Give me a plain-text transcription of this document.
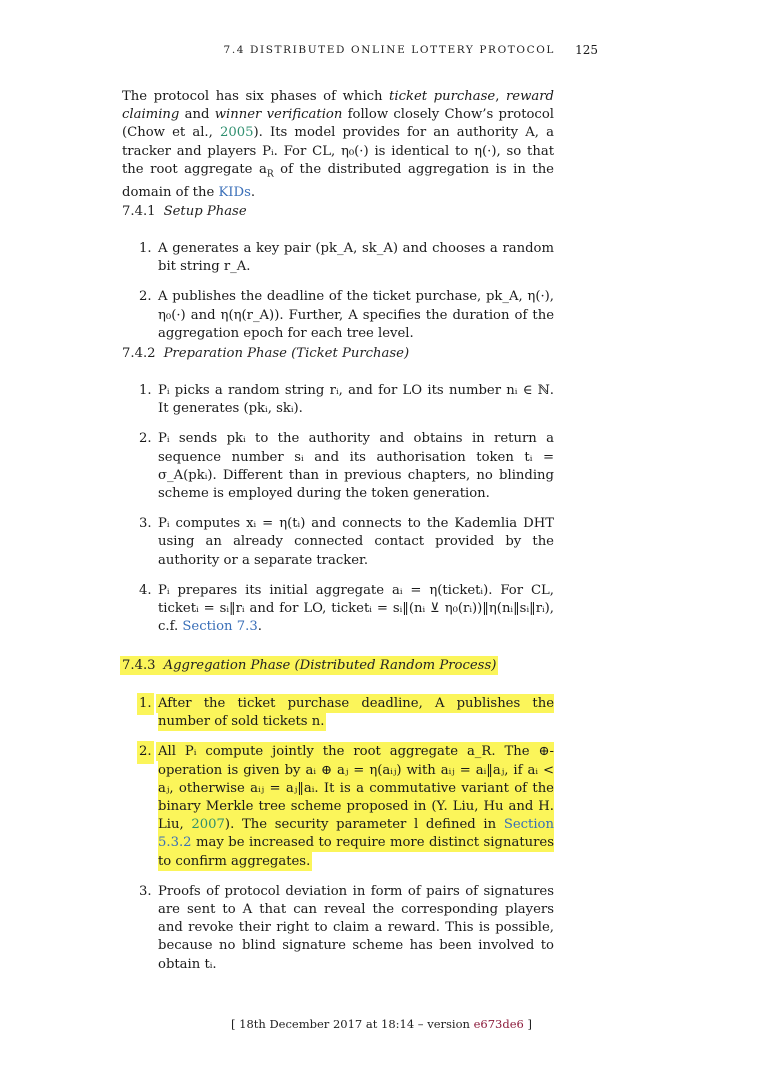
7.4 DISTRIBUTED ONLINE LOTTERY PROTOCOL 125

The protocol has six phases of which ticket purchase, reward claiming and winner verification follow closely Chow’s protocol (Chow et al., 2005). Its model provides for an authority A, a tracker and players Pᵢ. For CL, η₀(·) is identical to η(·), so that the root aggregate $a_R$ of the distributed aggregation is in the domain of the KIDs.

7.4.1 Setup Phase
1. A generates a key pair (pk_A, sk_A) and chooses a random bit string r_A.
2. A publishes the deadline of the ticket purchase, pk_A, η(·), η₀(·) and η(η(r_A)). Further, A specifies the duration of the aggregation epoch for each tree level.
7.4.2 Preparation Phase (Ticket Purchase)
1. Pᵢ picks a random string rᵢ, and for LO its number nᵢ ∈ ℕ. It generates (pkᵢ, skᵢ).
2. Pᵢ sends pkᵢ to the authority and obtains in return a sequence number sᵢ and its authorisation token tᵢ = σ_A(pkᵢ). Different than in previous chapters, no blinding scheme is employed during the token generation.
3. Pᵢ computes xᵢ = η(tᵢ) and connects to the Kademlia DHT using an already connected contact provided by the authority or a separate tracker.
4. Pᵢ prepares its initial aggregate aᵢ = η(ticketᵢ). For CL, ticketᵢ = sᵢ‖rᵢ and for LO, ticketᵢ = sᵢ‖(nᵢ ⊻ η₀(rᵢ))‖η(nᵢ‖sᵢ‖rᵢ), c.f. Section 7.3.
7.4.3 Aggregation Phase (Distributed Random Process)
1. After the ticket purchase deadline, A publishes the number of sold tickets n.
2. All Pᵢ compute jointly the root aggregate a_R. The ⊕-operation is given by aᵢ ⊕ aⱼ = η(aᵢⱼ) with aᵢⱼ = aᵢ‖aⱼ, if aᵢ < aⱼ, otherwise aᵢⱼ = aⱼ‖aᵢ. It is a commutative variant of the binary Merkle tree scheme proposed in (Y. Liu, Hu and H. Liu, 2007). The security parameter l defined in Section 5.3.2 may be increased to require more distinct signatures to confirm aggregates.
3. Proofs of protocol deviation in form of pairs of signatures are sent to A that can reveal the corresponding players and revoke their right to claim a reward. This is possible, because no blind signature scheme has been involved to obtain tᵢ.
[ 18th December 2017 at 18:14 – version e673de6 ]
